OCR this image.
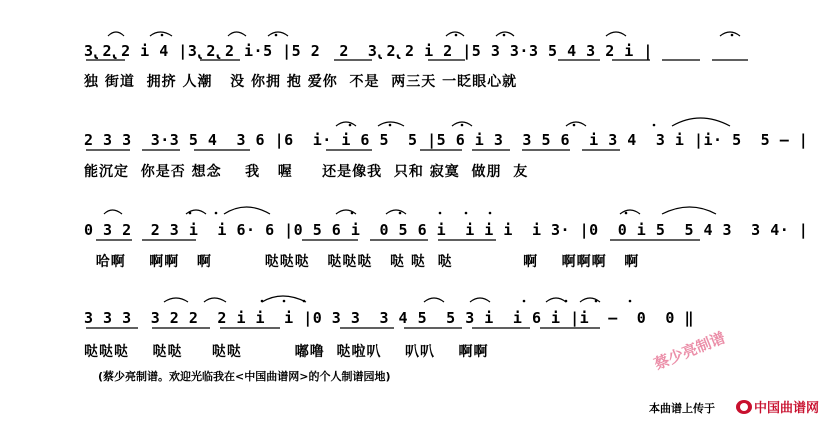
3̢2̢2 i 4 |3̢2̢2 i·5 |5 2  2  3̢2̢2 i 2 |5 3 3·3 5 4 3 2 i |
独 街道  拥挤 人潮   没 你拥 抱 爱你  不是  两三天 一眨眼心就
2 3 3  3·3 5 4  3 6 |6  i· i 6 5  5 |5 6 i 3  3 5 6  i 3 4  3 i |i· 5  5 – |
能沉定  你是否 想念    我   喔     还是像我  只和 寂寞  做朋  友
0 3 2  2 3 i  i 6· 6 |0 5 6 i  0 5 6 i  i i i  i 3· |0  0 i 5  5 4 3  3 4· |
哈啊    啊啊   啊         哒哒哒   哒哒哒   哒 哒  哒            啊    啊啊啊   啊
3 3 3  3 2 2  2 i i  i |0 3 3  3 4 5  5 3 i  i 6 i |i  –  0  0 ‖
哒哒哒    哒哒     哒哒         嘟噜  哒啦叭    叭叭    啊啊
(蔡少亮制谱。欢迎光临我在<中国曲谱网>的个人制谱园地)
蔡少亮制谱
本曲谱上传于	中国曲谱网
